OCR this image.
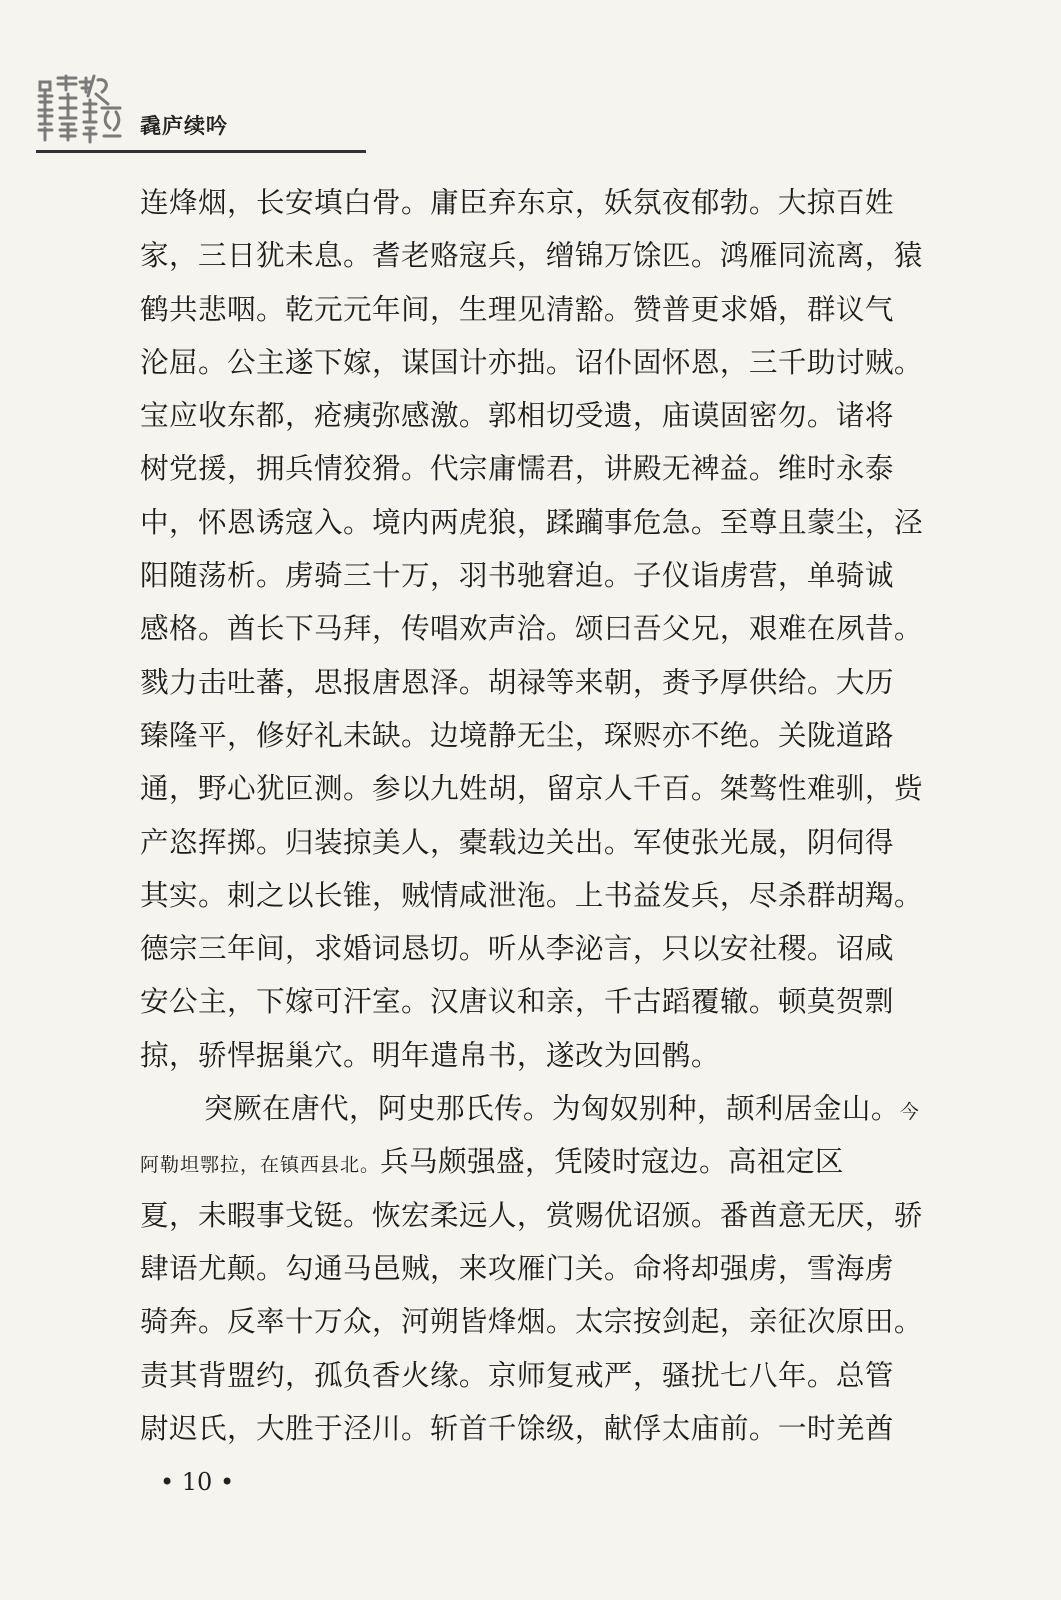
毳庐续吟
连烽烟，长安填白骨。庸臣弃东京，妖氛夜郁勃。大掠百姓
家，三日犹未息。耆老赂寇兵，缯锦万馀匹。鸿雁同流离，猿
鹤共悲咽。乾元元年间，生理见清豁。赞普更求婚，群议气
沦屈。公主遂下嫁，谋国计亦拙。诏仆固怀恩，三千助讨贼。
宝应收东都，疮痍弥感激。郭相切受遗，庙谟固密勿。诸将
树党援，拥兵情狡猾。代宗庸懦君，讲殿无裨益。维时永泰
中，怀恩诱寇入。境内两虎狼，蹂躏事危急。至尊且蒙尘，泾
阳随荡析。虏骑三十万，羽书驰窘迫。子仪诣虏营，单骑诚
感格。酋长下马拜，传唱欢声洽。颂曰吾父兄，艰难在夙昔。
戮力击吐蕃，思报唐恩泽。胡禄等来朝，赉予厚供给。大历
臻隆平，修好礼未缺。边境静无尘，琛赆亦不绝。关陇道路
通，野心犹叵测。参以九姓胡，留京人千百。桀骜性难驯，赀
产恣挥掷。归装掠美人，橐载边关出。军使张光晟，阴伺得
其实。刺之以长锥，贼情咸泄沲。上书益发兵，尽杀群胡羯。
德宗三年间，求婚词恳切。听从李泌言，只以安社稷。诏咸
安公主，下嫁可汗室。汉唐议和亲，千古蹈覆辙。顿莫贺剽
掠，骄悍据巢穴。明年遣帛书，遂改为回鹘。
突厥在唐代，阿史那氏传。为匈奴别种，颉利居金山。今
阿勒坦鄂拉，在镇西县北。兵马颇强盛，凭陵时寇边。高祖定区
夏，未暇事戈铤。恢宏柔远人，赏赐优诏颁。番酋意无厌，骄
肆语尤颠。勾通马邑贼，来攻雁门关。命将却强虏，雪海虏
骑奔。反率十万众，河朔皆烽烟。太宗按剑起，亲征次原田。
责其背盟约，孤负香火缘。京师复戒严，骚扰七八年。总管
尉迟氏，大胜于泾川。斩首千馀级，献俘太庙前。一时羌酋
• 10 •
